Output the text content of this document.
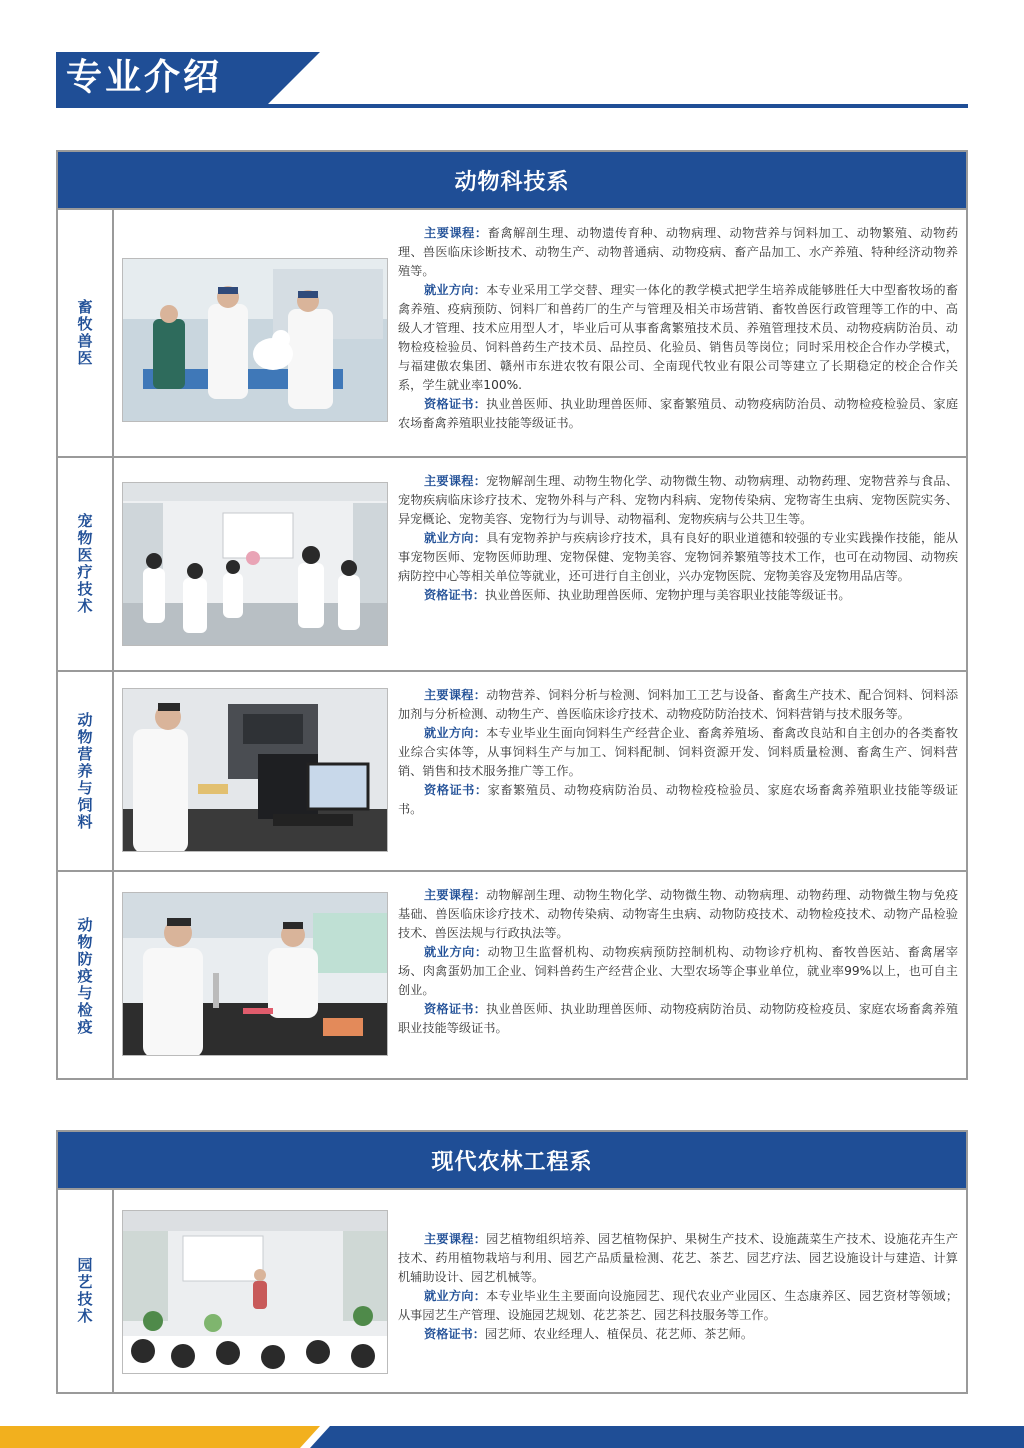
专业介绍
动物科技系
畜牧兽医

主要课程：畜禽解剖生理、动物遗传育种、动物病理、动物营养与饲料加工、动物繁殖、动物药理、兽医临床诊断技术、动物生产、动物普通病、动物疫病、畜产品加工、水产养殖、特种经济动物养殖等。

就业方向：本专业采用工学交替、理实一体化的教学模式把学生培养成能够胜任大中型畜牧场的畜禽养殖、疫病预防、饲料厂和兽药厂的生产与管理及相关市场营销、畜牧兽医行政管理等工作的中、高级人才管理、技术应用型人才，毕业后可从事畜禽繁殖技术员、养殖管理技术员、动物疫病防治员、动物检疫检验员、饲料兽药生产技术员、品控员、化验员、销售员等岗位；同时采用校企合作办学模式，与福建傲农集团、赣州市东进农牧有限公司、全南现代牧业有限公司等建立了长期稳定的校企合作关系，学生就业率100%.

资格证书：执业兽医师、执业助理兽医师、家畜繁殖员、动物疫病防治员、动物检疫检验员、家庭农场畜禽养殖职业技能等级证书。

宠物医疗技术

主要课程：宠物解剖生理、动物生物化学、动物微生物、动物病理、动物药理、宠物营养与食品、宠物疾病临床诊疗技术、宠物外科与产科、宠物内科病、宠物传染病、宠物寄生虫病、宠物医院实务、异宠概论、宠物美容、宠物行为与训导、动物福利、宠物疾病与公共卫生等。

就业方向：具有宠物养护与疾病诊疗技术，具有良好的职业道德和较强的专业实践操作技能，能从事宠物医师、宠物医师助理、宠物保健、宠物美容、宠物饲养繁殖等技术工作，也可在动物园、动物疾病防控中心等相关单位等就业，还可进行自主创业，兴办宠物医院、宠物美容及宠物用品店等。

资格证书：执业兽医师、执业助理兽医师、宠物护理与美容职业技能等级证书。

动物营养与饲料

主要课程：动物营养、饲料分析与检测、饲料加工工艺与设备、畜禽生产技术、配合饲料、饲料添加剂与分析检测、动物生产、兽医临床诊疗技术、动物疫防防治技术、饲料营销与技术服务等。

就业方向：本专业毕业生面向饲料生产经营企业、畜禽养殖场、畜禽改良站和自主创办的各类畜牧业综合实体等，从事饲料生产与加工、饲料配制、饲料资源开发、饲料质量检测、畜禽生产、饲料营销、销售和技术服务推广等工作。

资格证书：家畜繁殖员、动物疫病防治员、动物检疫检验员、家庭农场畜禽养殖职业技能等级证书。

动物防疫与检疫

主要课程：动物解剖生理、动物生物化学、动物微生物、动物病理、动物药理、动物微生物与免疫基础、兽医临床诊疗技术、动物传染病、动物寄生虫病、动物防疫技术、动物检疫技术、动物产品检验技术、兽医法规与行政执法等。

就业方向：动物卫生监督机构、动物疾病预防控制机构、动物诊疗机构、畜牧兽医站、畜禽屠宰场、肉禽蛋奶加工企业、饲料兽药生产经营企业、大型农场等企事业单位，就业率99%以上，也可自主创业。

资格证书：执业兽医师、执业助理兽医师、动物疫病防治员、动物防疫检疫员、家庭农场畜禽养殖职业技能等级证书。

现代农林工程系
园艺技术

主要课程：园艺植物组织培养、园艺植物保护、果树生产技术、设施蔬菜生产技术、设施花卉生产技术、药用植物栽培与利用、园艺产品质量检测、花艺、茶艺、园艺疗法、园艺设施设计与建造、计算机辅助设计、园艺机械等。

就业方向：本专业毕业生主要面向设施园艺、现代农业产业园区、生态康养区、园艺资材等领域；从事园艺生产管理、设施园艺规划、花艺茶艺、园艺科技服务等工作。

资格证书：园艺师、农业经理人、植保员、花艺师、茶艺师。
